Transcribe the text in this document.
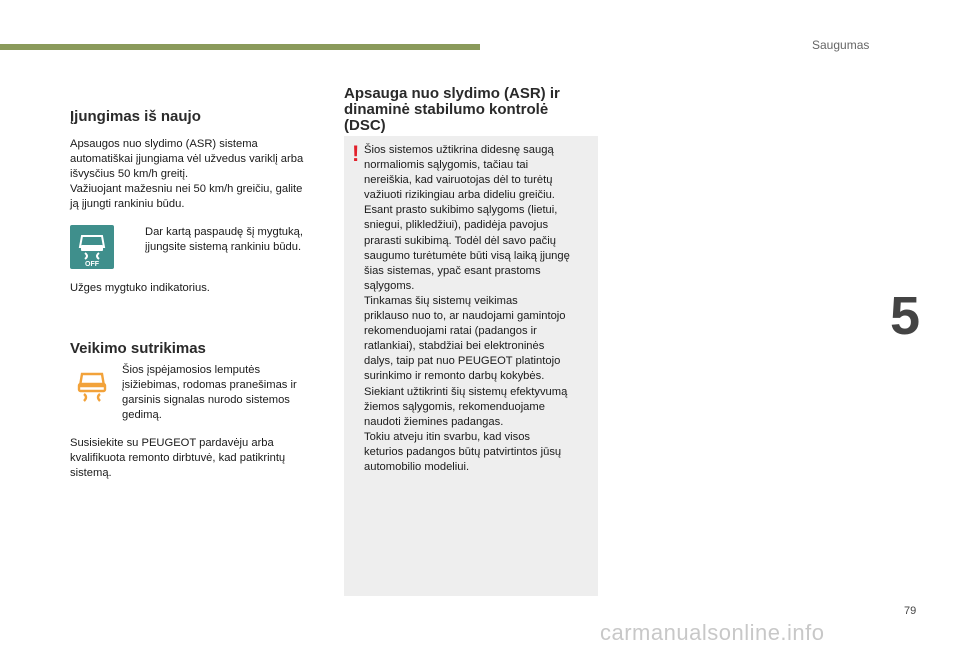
Saugumas
5
Įjungimas iš naujo
Apsaugos nuo slydimo (ASR) sistema
automatiškai įjungiama vėl užvedus variklį arba
išvysčius 50 km/h greitį.
Važiuojant mažesniu nei 50 km/h greičiu, galite
ją įjungti rankiniu būdu.
OFF
Dar kartą paspaudę šį mygtuką,
įjungsite sistemą rankiniu būdu.
Užges mygtuko indikatorius.
Veikimo sutrikimas
Šios įspėjamosios lemputės
įsižiebimas, rodomas pranešimas ir
garsinis signalas nurodo sistemos
gedimą.
Susisiekite su PEUGEOT pardavėju arba
kvalifikuota remonto dirbtuvė, kad patikrintų
sistemą.
Apsauga nuo slydimo (ASR) ir
dinaminė stabilumo kontrolė
(DSC)
! Šios sistemos užtikrina didesnę saugą
normaliomis sąlygomis, tačiau tai
nereiškia, kad vairuotojas dėl to turėtų
važiuoti rizikingiau arba dideliu greičiu.
Esant prasto sukibimo sąlygoms (lietui,
sniegui, plikledžiui), padidėja pavojus
prarasti sukibimą. Todėl dėl savo pačių
saugumo turėtumėte būti visą laiką įjungę
šias sistemas, ypač esant prastoms
sąlygoms.
Tinkamas šių sistemų veikimas
priklauso nuo to, ar naudojami gamintojo
rekomenduojami ratai (padangos ir
ratlankiai), stabdžiai bei elektroninės
dalys, taip pat nuo PEUGEOT platintojo
surinkimo ir remonto darbų kokybės.
Siekiant užtikrinti šių sistemų efektyvumą
žiemos sąlygomis, rekomenduojame
naudoti žiemines padangas.
Tokiu atveju itin svarbu, kad visos
keturios padangos būtų patvirtintos jūsų
automobilio modeliui.
79
carmanualsonline.info
